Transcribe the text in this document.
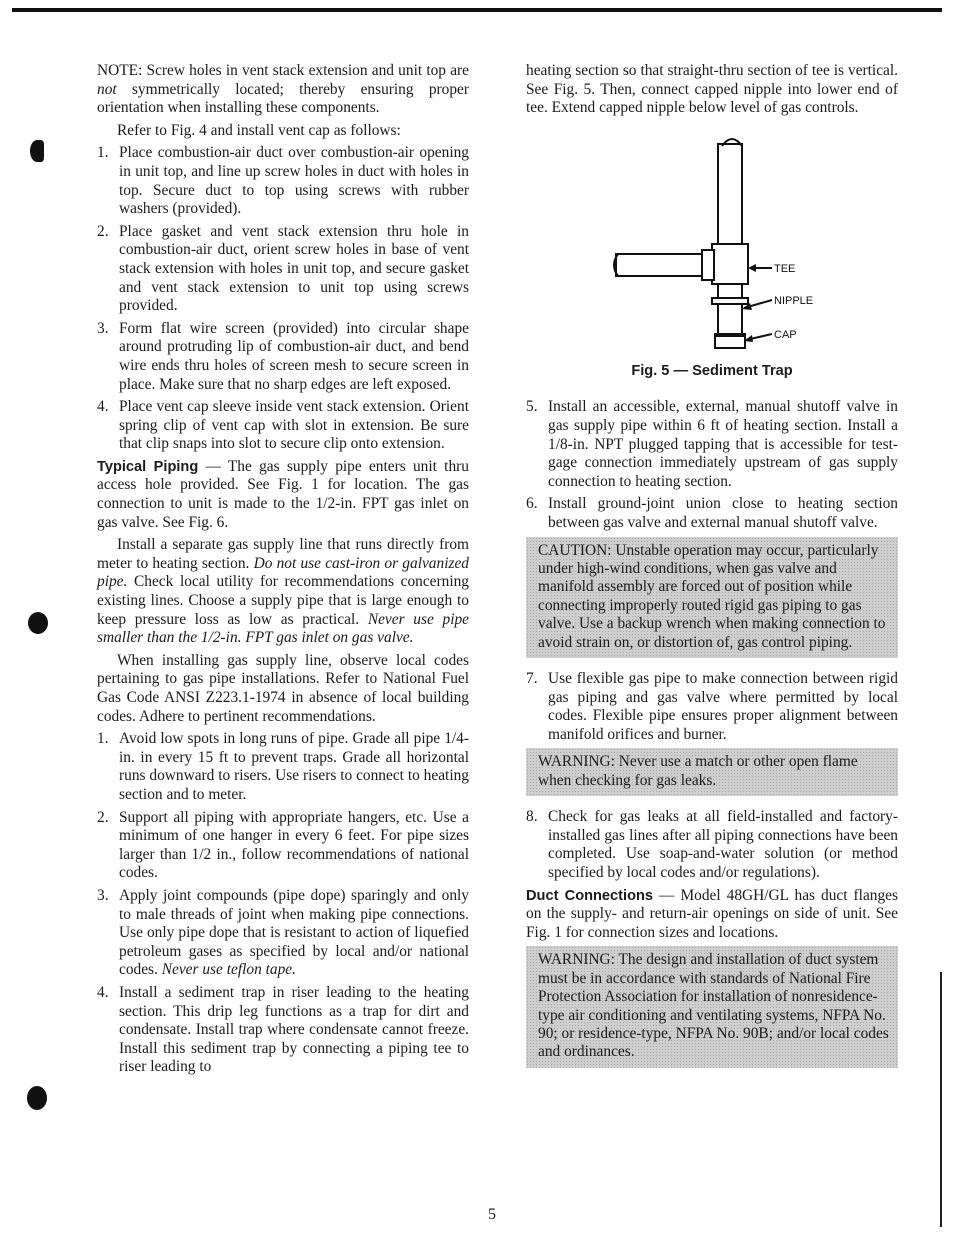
NOTE: Screw holes in vent stack extension and unit top are not symmetrically located; thereby ensuring proper orientation when installing these components.

Refer to Fig. 4 and install vent cap as follows:

1. Place combustion-air duct over combustion-air opening in unit top, and line up screw holes in duct with holes in top. Secure duct to top using screws with rubber washers (provided).
2. Place gasket and vent stack extension thru hole in combustion-air duct, orient screw holes in base of vent stack extension with holes in unit top, and secure gasket and vent stack extension to unit top using screws provided.
3. Form flat wire screen (provided) into circular shape around protruding lip of combustion-air duct, and bend wire ends thru holes of screen mesh to secure screen in place. Make sure that no sharp edges are left exposed.
4. Place vent cap sleeve inside vent stack extension. Orient spring clip of vent cap with slot in extension. Be sure that clip snaps into slot to secure clip onto extension.

Typical Piping — The gas supply pipe enters unit thru access hole provided. See Fig. 1 for location. The gas connection to unit is made to the 1/2-in. FPT gas inlet on gas valve. See Fig. 6.

Install a separate gas supply line that runs directly from meter to heating section. Do not use cast-iron or galvanized pipe. Check local utility for recommendations concerning existing lines. Choose a supply pipe that is large enough to keep pressure loss as low as practical. Never use pipe smaller than the 1/2-in. FPT gas inlet on gas valve.

When installing gas supply line, observe local codes pertaining to gas pipe installations. Refer to National Fuel Gas Code ANSI Z223.1-1974 in absence of local building codes. Adhere to pertinent recommendations.

1. Avoid low spots in long runs of pipe. Grade all pipe 1/4-in. in every 15 ft to prevent traps. Grade all horizontal runs downward to risers. Use risers to connect to heating section and to meter.
2. Support all piping with appropriate hangers, etc. Use a minimum of one hanger in every 6 feet. For pipe sizes larger than 1/2 in., follow recommendations of national codes.
3. Apply joint compounds (pipe dope) sparingly and only to male threads of joint when making pipe connections. Use only pipe dope that is resistant to action of liquefied petroleum gases as specified by local and/or national codes. Never use teflon tape.
4. Install a sediment trap in riser leading to the heating section. This drip leg functions as a trap for dirt and condensate. Install trap where condensate cannot freeze. Install this sediment trap by connecting a piping tee to riser leading to

heating section so that straight-thru section of tee is vertical. See Fig. 5. Then, connect capped nipple into lower end of tee. Extend capped nipple below level of gas controls.

TEE
NIPPLE
CAP
Fig. 5 — Sediment Trap
5. Install an accessible, external, manual shutoff valve in gas supply pipe within 6 ft of heating section. Install a 1/8-in. NPT plugged tapping that is accessible for test-gage connection immediately upstream of gas supply connection to heating section.
6. Install ground-joint union close to heating section between gas valve and external manual shutoff valve.
CAUTION: Unstable operation may occur, particularly under high-wind conditions, when gas valve and manifold assembly are forced out of position while connecting improperly routed rigid gas piping to gas valve. Use a backup wrench when making connection to avoid strain on, or distortion of, gas control piping.
7. Use flexible gas pipe to make connection between rigid gas piping and gas valve where permitted by local codes. Flexible pipe ensures proper alignment between manifold orifices and burner.
WARNING: Never use a match or other open flame when checking for gas leaks.
8. Check for gas leaks at all field-installed and factory-installed gas lines after all piping connections have been completed. Use soap-and-water solution (or method specified by local codes and/or regulations).

Duct Connections — Model 48GH/GL has duct flanges on the supply- and return-air openings on side of unit. See Fig. 1 for connection sizes and locations.

WARNING: The design and installation of duct system must be in accordance with standards of National Fire Protection Association for installation of nonresidence-type air conditioning and ventilating systems, NFPA No. 90; or residence-type, NFPA No. 90B; and/or local codes and ordinances.
5
